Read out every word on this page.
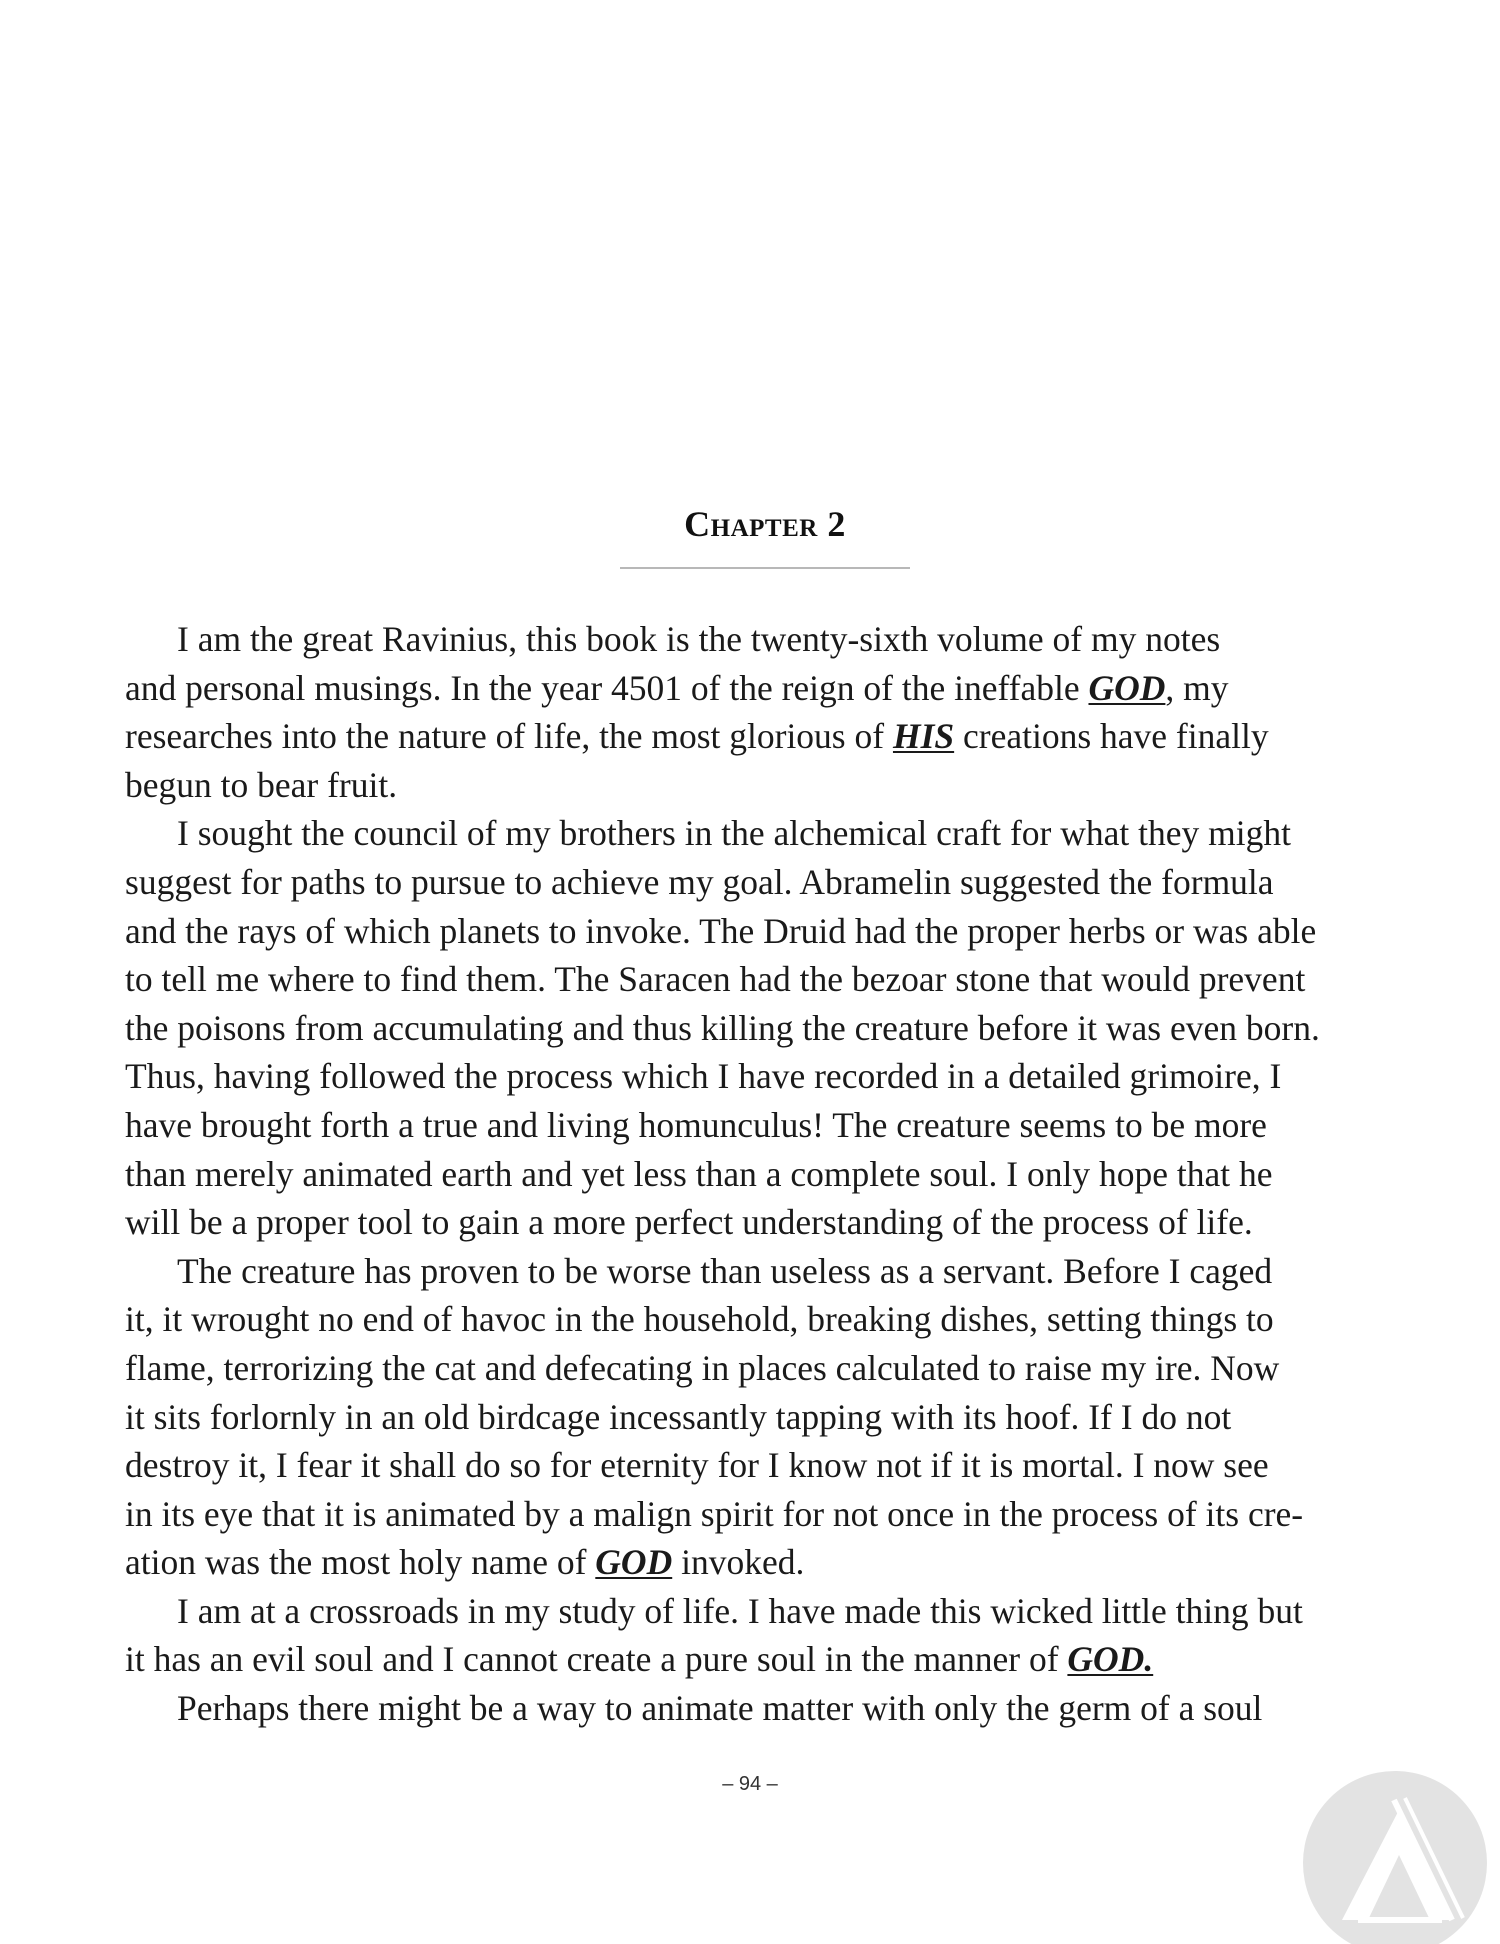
Chapter 2
I am the great Ravinius, this book is the twenty-sixth volume of my notes
and personal musings. In the year 4501 of the reign of the ineffable GOD, my
researches into the nature of life, the most glorious of HIS creations have finally
begun to bear fruit.
I sought the council of my brothers in the alchemical craft for what they might
suggest for paths to pursue to achieve my goal. Abramelin suggested the formula
and the rays of which planets to invoke. The Druid had the proper herbs or was able
to tell me where to find them. The Saracen had the bezoar stone that would prevent
the poisons from accumulating and thus killing the creature before it was even born.
Thus, having followed the process which I have recorded in a detailed grimoire, I
have brought forth a true and living homunculus! The creature seems to be more
than merely animated earth and yet less than a complete soul. I only hope that he
will be a proper tool to gain a more perfect understanding of the process of life.
The creature has proven to be worse than useless as a servant. Before I caged
it, it wrought no end of havoc in the household, breaking dishes, setting things to
flame, terrorizing the cat and defecating in places calculated to raise my ire. Now
it sits forlornly in an old birdcage incessantly tapping with its hoof. If I do not
destroy it, I fear it shall do so for eternity for I know not if it is mortal. I now see
in its eye that it is animated by a malign spirit for not once in the process of its cre-
ation was the most holy name of GOD invoked.
I am at a crossroads in my study of life. I have made this wicked little thing but
it has an evil soul and I cannot create a pure soul in the manner of GOD.
Perhaps there might be a way to animate matter with only the germ of a soul
– 94 –
